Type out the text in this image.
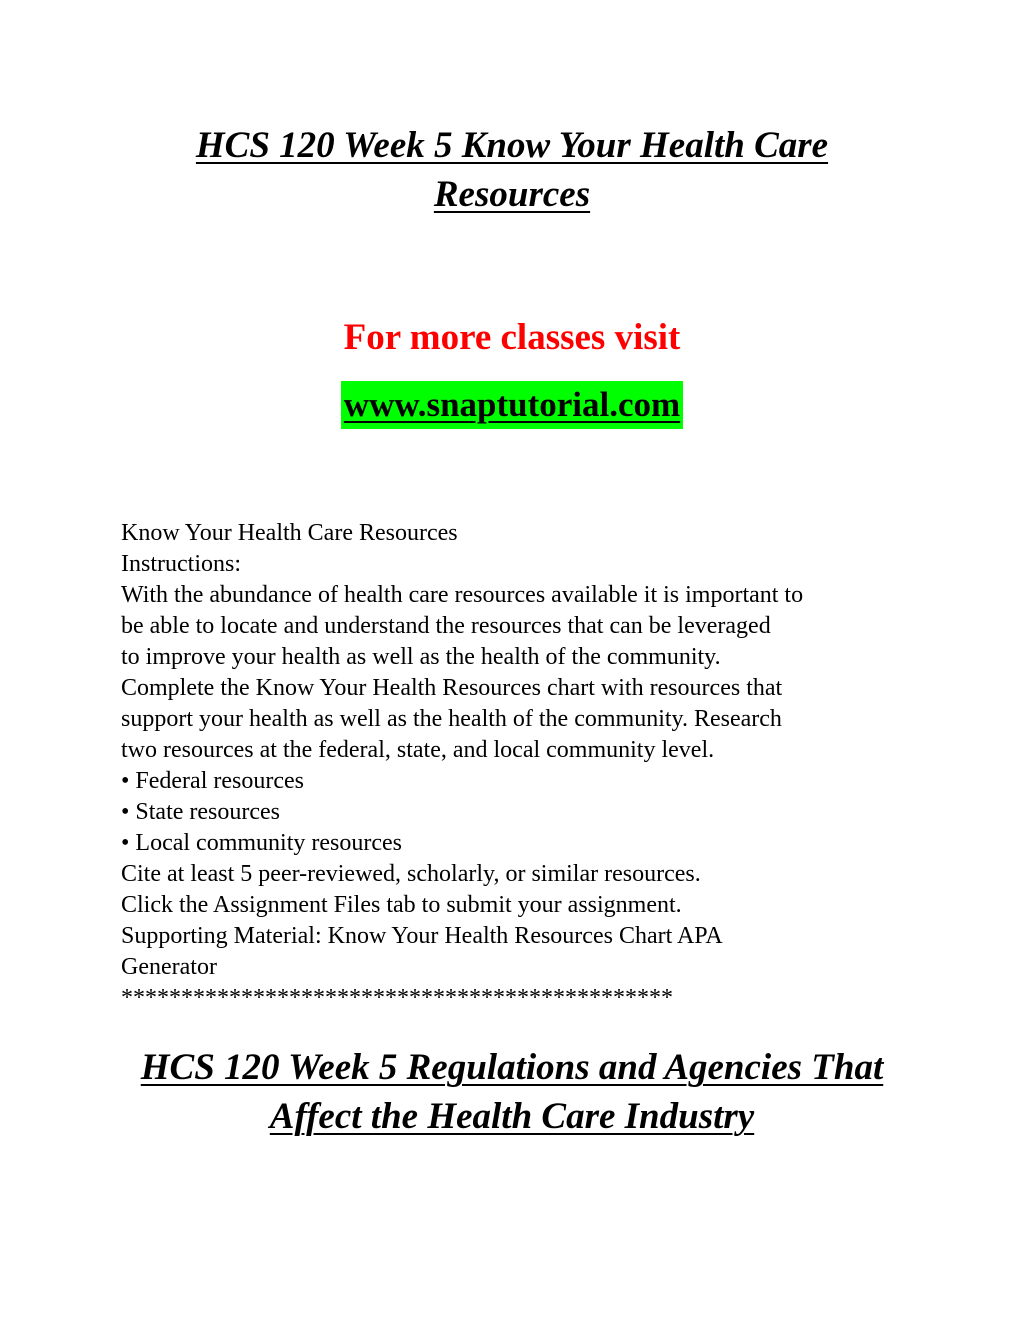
HCS 120 Week 5 Know Your Health Care
Resources

For more classes visit

www.snaptutorial.com
Know Your Health Care Resources
Instructions:
With the abundance of health care resources available it is important to
be able to locate and understand the resources that can be leveraged
to improve your health as well as the health of the community.
Complete the Know Your Health Resources chart with resources that
support your health as well as the health of the community. Research
two resources at the federal, state, and local community level.
• Federal resources
• State resources
• Local community resources
Cite at least 5 peer-reviewed, scholarly, or similar resources.
Click the Assignment Files tab to submit your assignment.
Supporting Material: Know Your Health Resources Chart APA
Generator
**********************************************
HCS 120 Week 5 Regulations and Agencies That
Affect the Health Care Industry
